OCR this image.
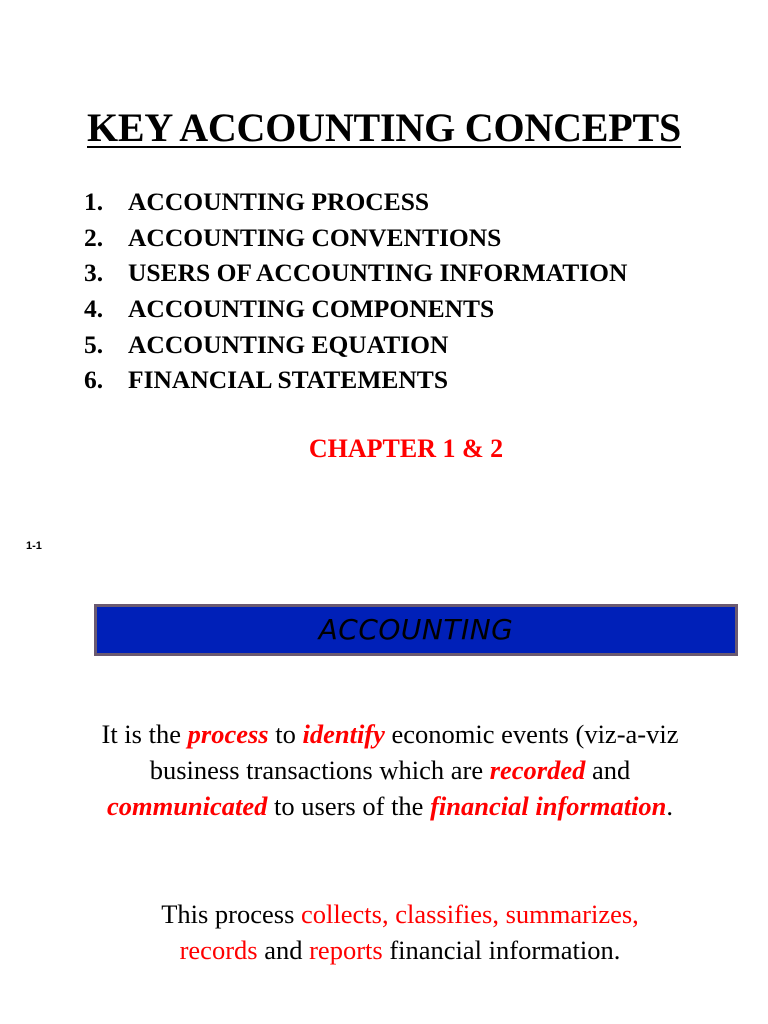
KEY ACCOUNTING CONCEPTS
1. ACCOUNTING PROCESS
2. ACCOUNTING CONVENTIONS
3. USERS OF ACCOUNTING INFORMATION
4. ACCOUNTING COMPONENTS
5. ACCOUNTING EQUATION
6. FINANCIAL STATEMENTS

CHAPTER 1 & 2

1-1

ACCOUNTING

It is the process to identify economic events (viz-a-viz business transactions which are recorded and
communicated to users of the financial information.

This process collects, classifies, summarizes,
records and reports financial information.
